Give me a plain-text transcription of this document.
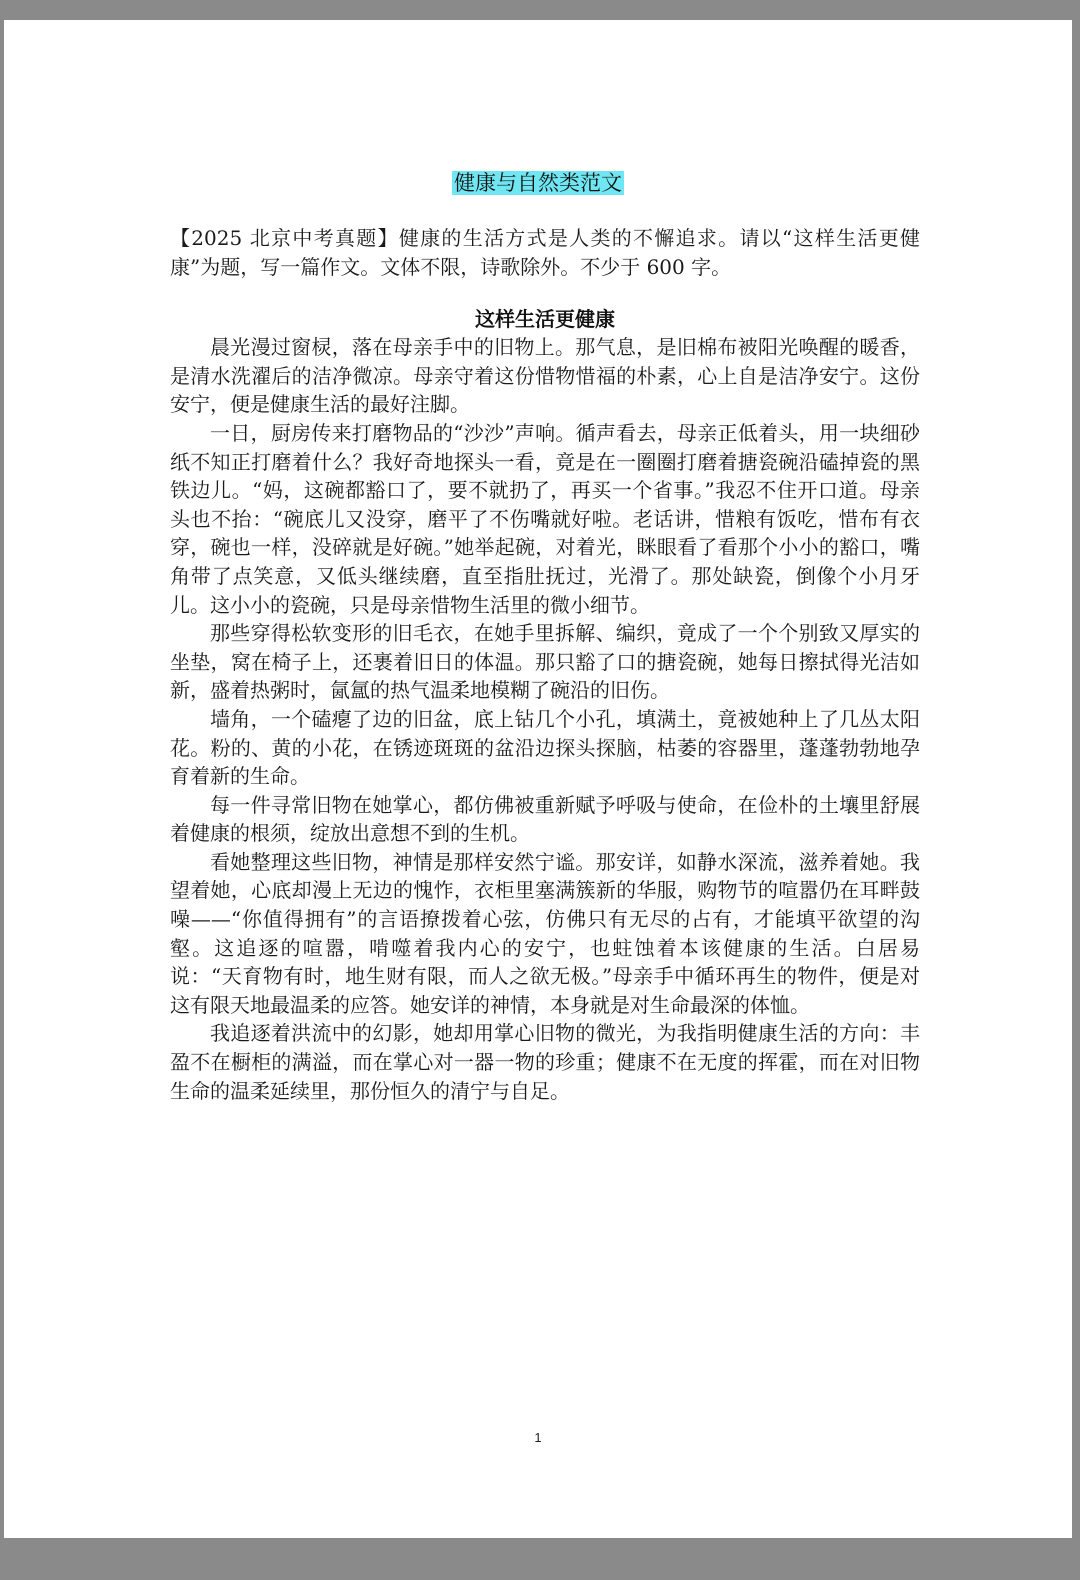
健康与自然类范文

【2025 北京中考真题】健康的生活方式是人类的不懈追求。请以“这样生活更健康”为题，写一篇作文。文体不限，诗歌除外。不少于 600 字。

这样生活更健康

晨光漫过窗棂，落在母亲手中的旧物上。那气息，是旧棉布被阳光唤醒的暖香，是清水洗濯后的洁净微凉。母亲守着这份惜物惜福的朴素，心上自是洁净安宁。这份安宁，便是健康生活的最好注脚。

一日，厨房传来打磨物品的“沙沙”声响。循声看去，母亲正低着头，用一块细砂纸不知正打磨着什么？我好奇地探头一看，竟是在一圈圈打磨着搪瓷碗沿磕掉瓷的黑铁边儿。“妈，这碗都豁口了，要不就扔了，再买一个省事。”我忍不住开口道。母亲头也不抬：“碗底儿又没穿，磨平了不伤嘴就好啦。老话讲，惜粮有饭吃，惜布有衣穿，碗也一样，没碎就是好碗。”她举起碗，对着光，眯眼看了看那个小小的豁口，嘴角带了点笑意，又低头继续磨，直至指肚抚过，光滑了。那处缺瓷，倒像个小月牙儿。这小小的瓷碗，只是母亲惜物生活里的微小细节。

那些穿得松软变形的旧毛衣，在她手里拆解、编织，竟成了一个个别致又厚实的坐垫，窝在椅子上，还裹着旧日的体温。那只豁了口的搪瓷碗，她每日擦拭得光洁如新，盛着热粥时，氤氲的热气温柔地模糊了碗沿的旧伤。

墙角，一个磕瘪了边的旧盆，底上钻几个小孔，填满土，竟被她种上了几丛太阳花。粉的、黄的小花，在锈迹斑斑的盆沿边探头探脑，枯萎的容器里，蓬蓬勃勃地孕育着新的生命。

每一件寻常旧物在她掌心，都仿佛被重新赋予呼吸与使命，在俭朴的土壤里舒展着健康的根须，绽放出意想不到的生机。

看她整理这些旧物，神情是那样安然宁谧。那安详，如静水深流，滋养着她。我望着她，心底却漫上无边的愧怍，衣柜里塞满簇新的华服，购物节的喧嚣仍在耳畔鼓噪——“你值得拥有”的言语撩拨着心弦，仿佛只有无尽的占有，才能填平欲望的沟壑。这追逐的喧嚣，啃噬着我内心的安宁，也蛀蚀着本该健康的生活。白居易说：“天育物有时，地生财有限，而人之欲无极。”母亲手中循环再生的物件，便是对这有限天地最温柔的应答。她安详的神情，本身就是对生命最深的体恤。

我追逐着洪流中的幻影，她却用掌心旧物的微光，为我指明健康生活的方向：丰盈不在橱柜的满溢，而在掌心对一器一物的珍重；健康不在无度的挥霍，而在对旧物生命的温柔延续里，那份恒久的清宁与自足。

1
